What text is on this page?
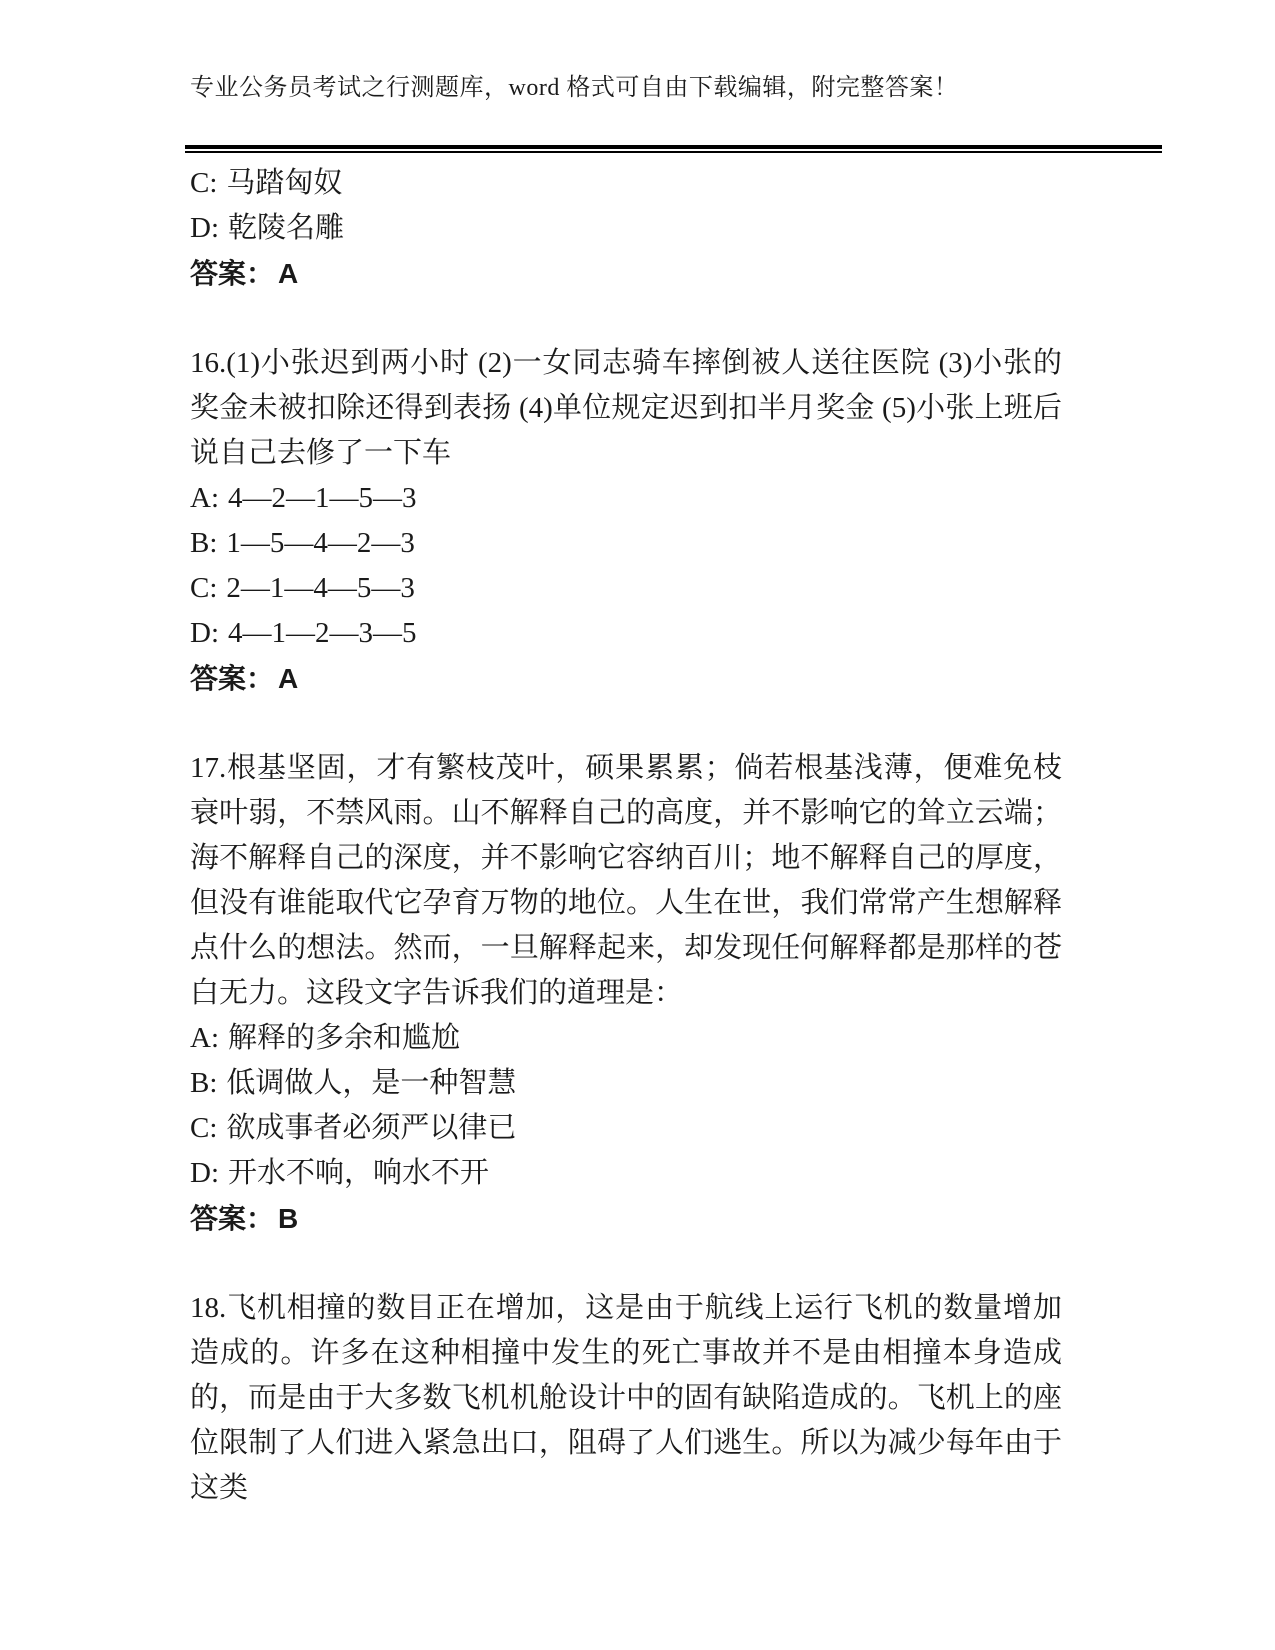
专业公务员考试之行测题库，word 格式可自由下载编辑，附完整答案！

C: 马踏匈奴

D: 乾陵名雕

答案： A

16.(1)小张迟到两小时 (2)一女同志骑车摔倒被人送往医院 (3)小张的奖金未被扣除还得到表扬 (4)单位规定迟到扣半月奖金 (5)小张上班后说自己去修了一下车

A: 4—2—1—5—3

B: 1—5—4—2—3

C: 2—1—4—5—3

D: 4—1—2—3—5

答案： A

17.根基坚固，才有繁枝茂叶，硕果累累；倘若根基浅薄，便难免枝衰叶弱，不禁风雨。山不解释自己的高度，并不影响它的耸立云端；海不解释自己的深度，并不影响它容纳百川；地不解释自己的厚度，但没有谁能取代它孕育万物的地位。人生在世，我们常常产生想解释点什么的想法。然而，一旦解释起来，却发现任何解释都是那样的苍白无力。这段文字告诉我们的道理是：

A: 解释的多余和尴尬

B: 低调做人，是一种智慧

C: 欲成事者必须严以律已

D: 开水不响，响水不开

答案： B

18.飞机相撞的数目正在增加，这是由于航线上运行飞机的数量增加造成的。许多在这种相撞中发生的死亡事故并不是由相撞本身造成的，而是由于大多数飞机机舱设计中的固有缺陷造成的。飞机上的座位限制了人们进入紧急出口，阻碍了人们逃生。所以为减少每年由于这类
